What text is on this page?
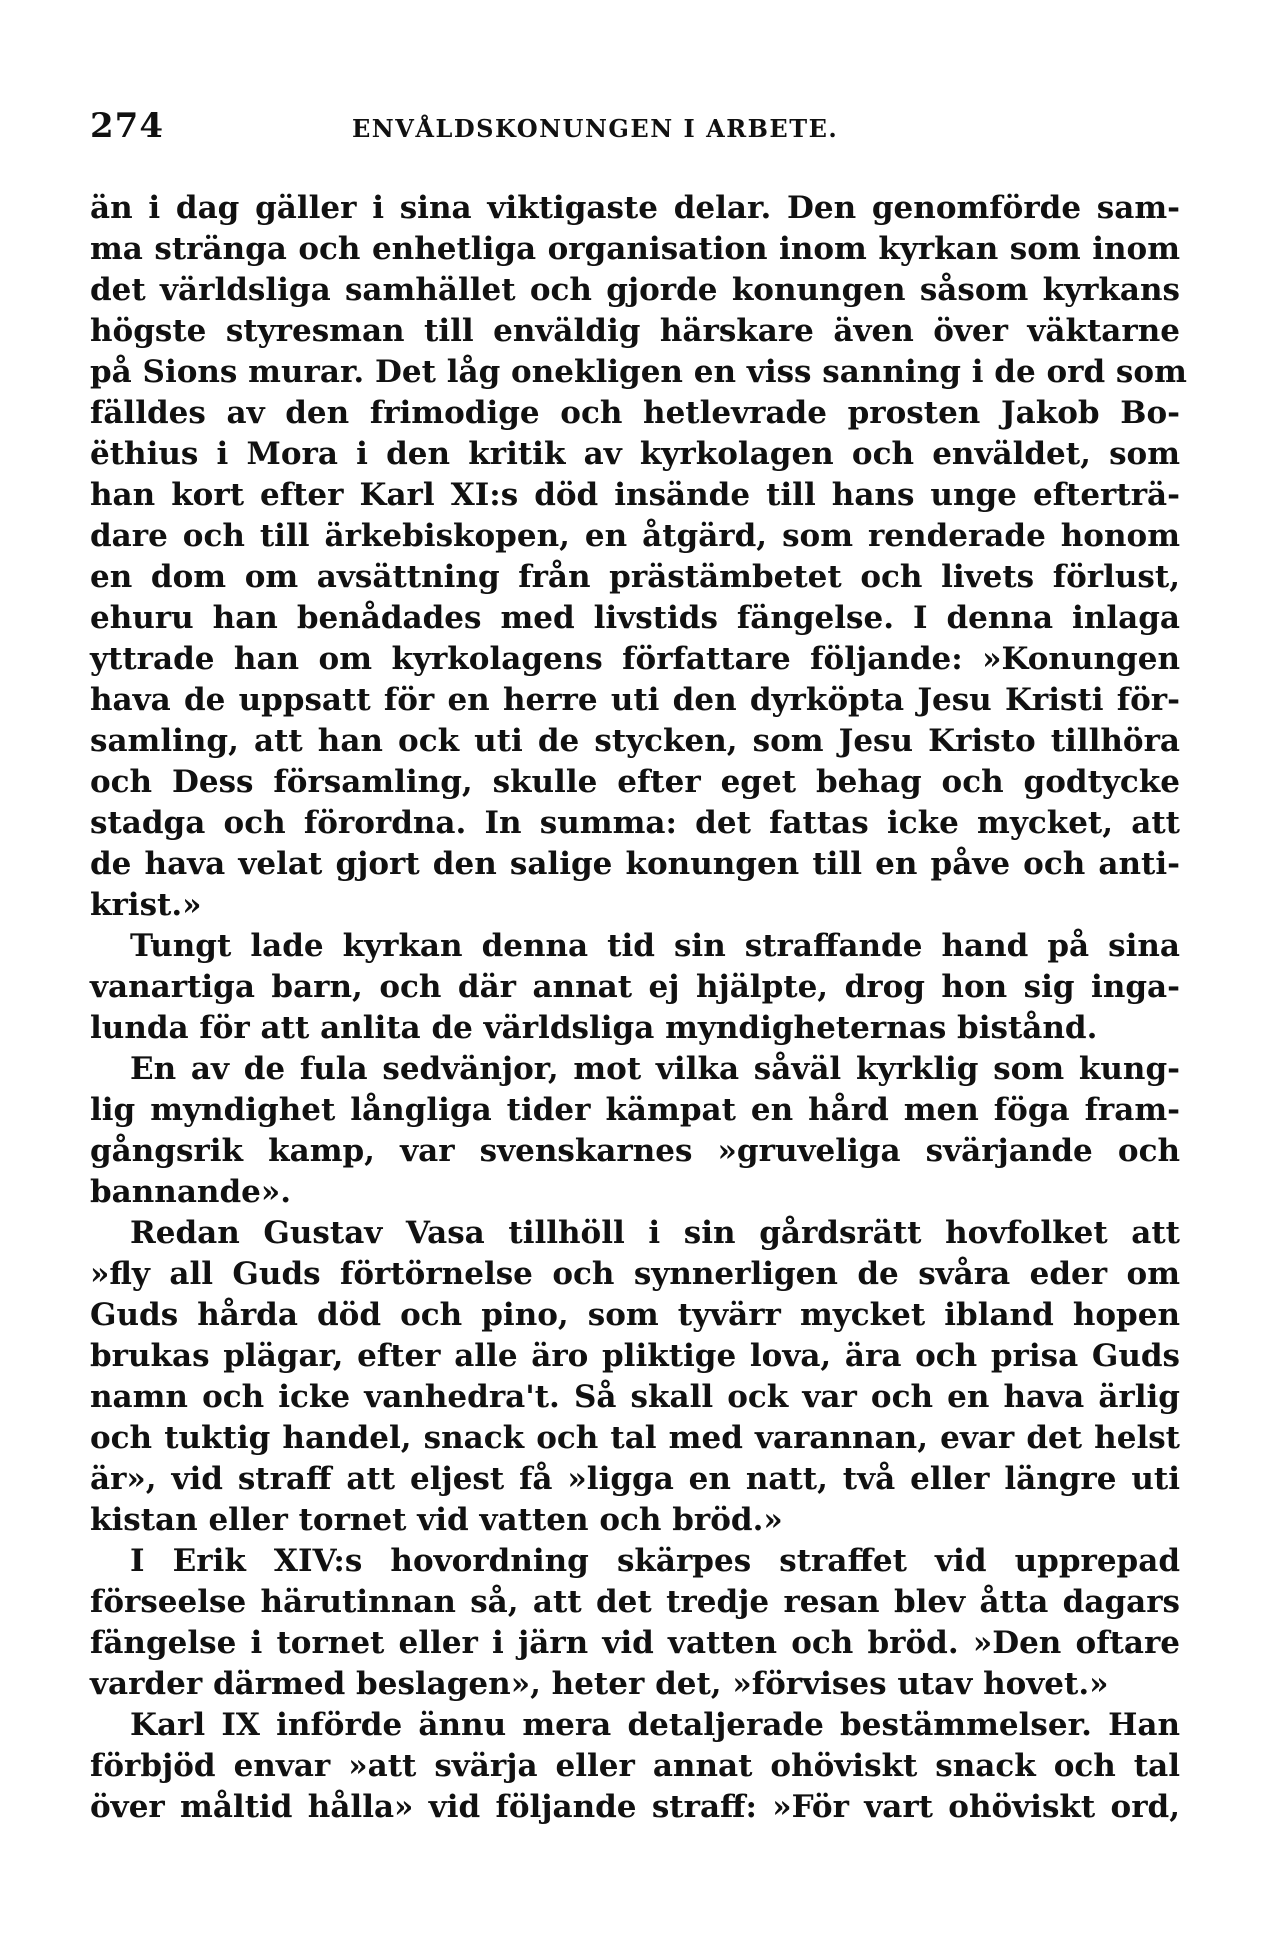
274	ENVÅLDSKONUNGEN I ARBETE.
än i dag gäller i sina viktigaste delar. Den genomförde sam-
ma stränga och enhetliga organisation inom kyrkan som inom
det världsliga samhället och gjorde konungen såsom kyrkans
högste styresman till enväldig härskare även över väktarne
på Sions murar. Det låg onekligen en viss sanning i de ord som
fälldes av den frimodige och hetlevrade prosten Jakob Bo-
ëthius i Mora i den kritik av kyrkolagen och enväldet, som
han kort efter Karl XI:s död insände till hans unge efterträ-
dare och till ärkebiskopen, en åtgärd, som renderade honom
en dom om avsättning från prästämbetet och livets förlust,
ehuru han benådades med livstids fängelse. I denna inlaga
yttrade han om kyrkolagens författare följande: »Konungen
hava de uppsatt för en herre uti den dyrköpta Jesu Kristi för-
samling, att han ock uti de stycken, som Jesu Kristo tillhöra
och Dess församling, skulle efter eget behag och godtycke
stadga och förordna. In summa: det fattas icke mycket, att
de hava velat gjort den salige konungen till en påve och anti-
krist.»
Tungt lade kyrkan denna tid sin straffande hand på sina
vanartiga barn, och där annat ej hjälpte, drog hon sig inga-
lunda för att anlita de världsliga myndigheternas bistånd.
En av de fula sedvänjor, mot vilka såväl kyrklig som kung-
lig myndighet långliga tider kämpat en hård men föga fram-
gångsrik kamp, var svenskarnes »gruveliga svärjande och
bannande».
Redan Gustav Vasa tillhöll i sin gårdsrätt hovfolket att
»fly all Guds förtörnelse och synnerligen de svåra eder om
Guds hårda död och pino, som tyvärr mycket ibland hopen
brukas plägar, efter alle äro pliktige lova, ära och prisa Guds
namn och icke vanhedra't. Så skall ock var och en hava ärlig
och tuktig handel, snack och tal med varannan, evar det helst
är», vid straff att eljest få »ligga en natt, två eller längre uti
kistan eller tornet vid vatten och bröd.»
I Erik XIV:s hovordning skärpes straffet vid upprepad
förseelse härutinnan så, att det tredje resan blev åtta dagars
fängelse i tornet eller i järn vid vatten och bröd. »Den oftare
varder därmed beslagen», heter det, »förvises utav hovet.»
Karl IX införde ännu mera detaljerade bestämmelser. Han
förbjöd envar »att svärja eller annat ohöviskt snack och tal
över måltid hålla» vid följande straff: »För vart ohöviskt ord,
